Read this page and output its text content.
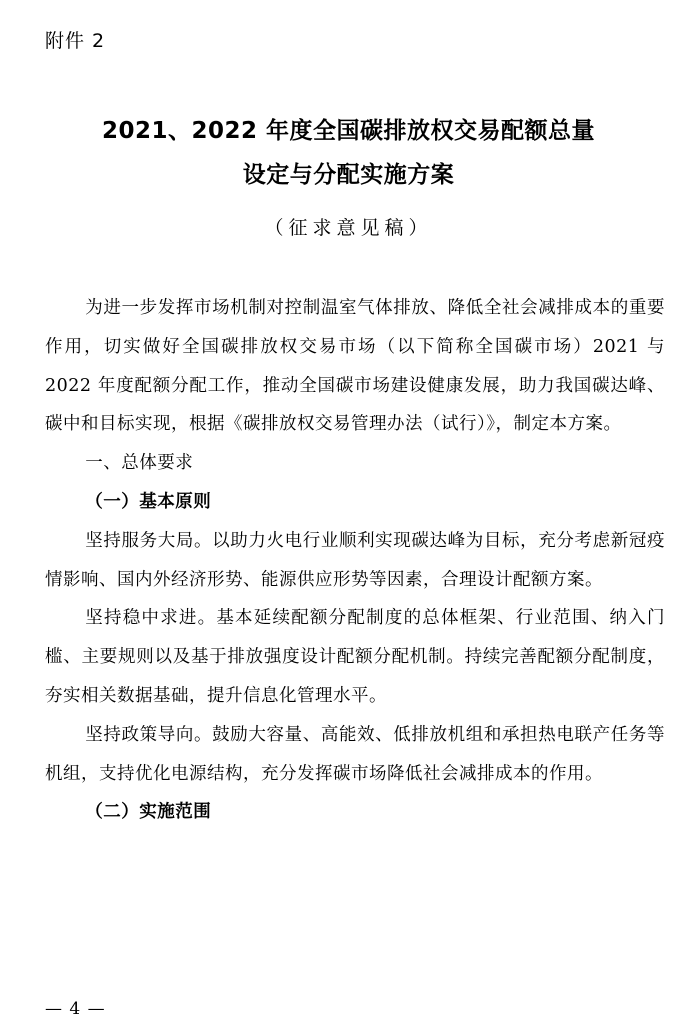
附件 2
2021、2022 年度全国碳排放权交易配额总量
设定与分配实施方案
（征求意见稿）

为进一步发挥市场机制对控制温室气体排放、降低全社会减排成本的重要作用，切实做好全国碳排放权交易市场（以下简称全国碳市场）2021 与 2022 年度配额分配工作，推动全国碳市场建设健康发展，助力我国碳达峰、碳中和目标实现，根据《碳排放权交易管理办法（试行）》，制定本方案。

一、总体要求

（一）基本原则

坚持服务大局。以助力火电行业顺利实现碳达峰为目标，充分考虑新冠疫情影响、国内外经济形势、能源供应形势等因素，合理设计配额方案。

坚持稳中求进。基本延续配额分配制度的总体框架、行业范围、纳入门槛、主要规则以及基于排放强度设计配额分配机制。持续完善配额分配制度，夯实相关数据基础，提升信息化管理水平。

坚持政策导向。鼓励大容量、高能效、低排放机组和承担热电联产任务等机组，支持优化电源结构，充分发挥碳市场降低社会减排成本的作用。

（二）实施范围

— 4 —
